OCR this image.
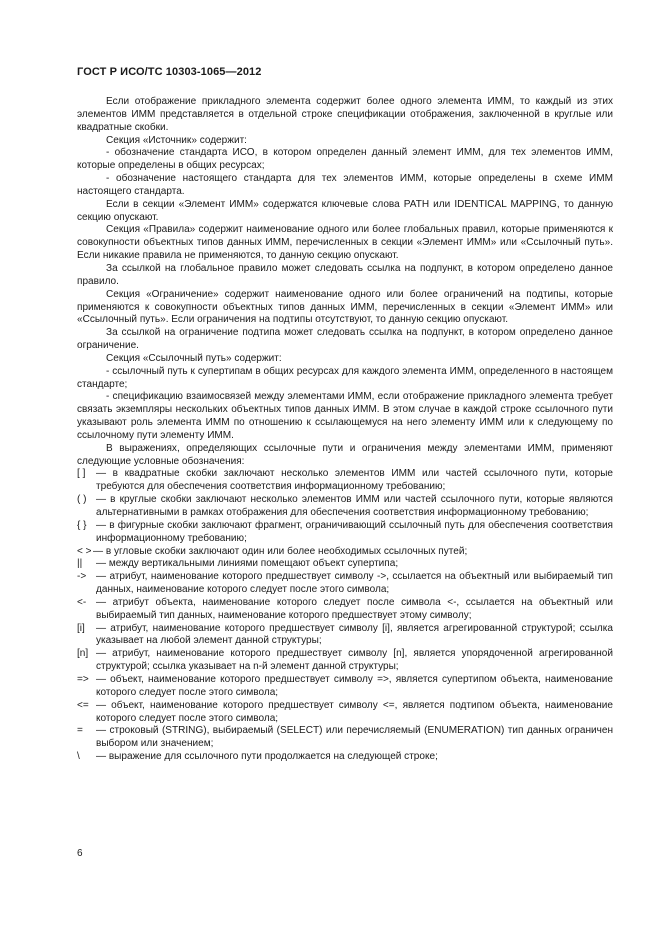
ГОСТ Р ИСО/ТС 10303-1065—2012

Если отображение прикладного элемента содержит более одного элемента ИММ, то каждый из этих элементов ИММ представляется в отдельной строке спецификации отображения, заключенной в круглые или квадратные скобки.

Секция «Источник» содержит:

- обозначение стандарта ИСО, в котором определен данный элемент ИММ, для тех элементов ИММ, которые определены в общих ресурсах;

- обозначение настоящего стандарта для тех элементов ИММ, которые определены в схеме ИММ настоящего стандарта.

Если в секции «Элемент ИММ» содержатся ключевые слова PATH или IDENTICAL MAPPING, то данную секцию опускают.

Секция «Правила» содержит наименование одного или более глобальных правил, которые применяются к совокупности объектных типов данных ИММ, перечисленных в секции «Элемент ИММ» или «Ссылочный путь». Если никакие правила не применяются, то данную секцию опускают.

За ссылкой на глобальное правило может следовать ссылка на подпункт, в котором определено данное правило.

Секция «Ограничение» содержит наименование одного или более ограничений на подтипы, которые применяются к совокупности объектных типов данных ИММ, перечисленных в секции «Элемент ИММ» или «Ссылочный путь». Если ограничения на подтипы отсутствуют, то данную секцию опускают.

За ссылкой на ограничение подтипа может следовать ссылка на подпункт, в котором определено данное ограничение.

Секция «Ссылочный путь» содержит:

- ссылочный путь к супертипам в общих ресурсах для каждого элемента ИММ, определенного в настоящем стандарте;

- спецификацию взаимосвязей между элементами ИММ, если отображение прикладного элемента требует связать экземпляры нескольких объектных типов данных ИММ. В этом случае в каждой строке ссылочного пути указывают роль элемента ИММ по отношению к ссылающемуся на него элементу ИММ или к следующему по ссылочному пути элементу ИММ.

В выражениях, определяющих ссылочные пути и ограничения между элементами ИММ, применяют следующие условные обозначения:

[ ]	— в квадратные скобки заключают несколько элементов ИММ или частей ссылочного пути, которые требуются для обеспечения соответствия информационному требованию;
( ) — в круглые скобки заключают несколько элементов ИММ или частей ссылочного пути, которые являются альтернативными в рамках отображения для обеспечения соответствия информационному требованию;
{ } — в фигурные скобки заключают фрагмент, ограничивающий ссылочный путь для обеспечения соответствия информационному требованию;
< > — в угловые скобки заключают один или более необходимых ссылочных путей;
||	— между вертикальными линиями помещают объект супертипа;
-> — атрибут, наименование которого предшествует символу ->, ссылается на объектный или выбираемый тип данных, наименование которого следует после этого символа;
<- — атрибут объекта, наименование которого следует после символа <-, ссылается на объектный или выбираемый тип данных, наименование которого предшествует этому символу;
[i]	— атрибут, наименование которого предшествует символу [i], является агрегированной структурой; ссылка указывает на любой элемент данной структуры;
[n] — атрибут, наименование которого предшествует символу [n], является упорядоченной агрегированной структурой; ссылка указывает на n-й элемент данной структуры;
=> — объект, наименование которого предшествует символу =>, является супертипом объекта, наименование которого следует после этого символа;
<= — объект, наименование которого предшествует символу <=, является подтипом объекта, наименование которого следует после этого символа;
=	— строковый (STRING), выбираемый (SELECT) или перечисляемый (ENUMERATION) тип данных ограничен выбором или значением;
\	— выражение для ссылочного пути продолжается на следующей строке;
6
